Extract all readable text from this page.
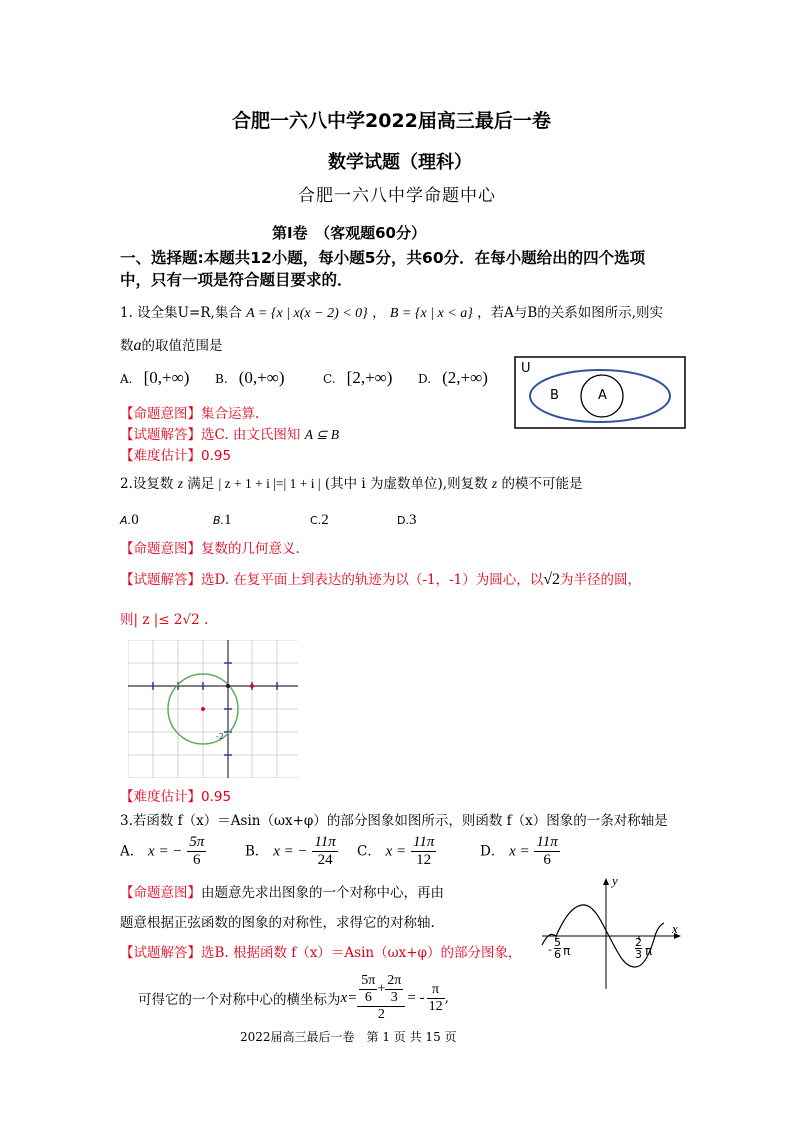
合肥一六八中学2022届高三最后一卷
数学试题（理科）
合肥一六八中学命题中心
第Ⅰ卷　（客观题60分）
一、选择题:本题共12小题，每小题5分，共60分．在每小题给出的四个选项
中，只有一项是符合题目要求的．
1. 设全集U=R,集合 A = {x | x(x − 2) < 0} ， B = {x | x < a} ，若A与B的关系如图所示,则实
数a的取值范围是
A. [0,+∞) B. (0,+∞)	C. [2,+∞) D. (2,+∞)	U
B	A
【命题意图】集合运算.
【试题解答】选C. 由文氏图知 A ⊆ B
【难度估计】0.95
2.设复数 z 满足 | z + 1 + i |=| 1 + i | (其中 i 为虚数单位),则复数 z 的模不可能是
A.0	B.1	C.2	D.3
【命题意图】复数的几何意义.
【试题解答】选D. 在复平面上到表达的轨迹为以（-1，-1）为圆心，以√2为半径的圆，
则| z |≤ 2√2 .
-2
【难度估计】0.95
3.若函数 f（x）＝Asin（ωx+φ）的部分图象如图所示，则函数 f（x）图象的一条对称轴是
A． x = − $\frac{5\pi}{6}$	B． x = − $\frac{11\pi}{24}$ C． $x = \frac{11\pi}{12}$	D． $x = \frac{11\pi}{6}$
【命题意图】由题意先求出图象的一个对称中心，再由
题意根据正弦函数的图象的对称性，求得它的对称轴.
【试题解答】选B. 根据函数 f（x）＝Asin（ωx+φ）的部分图象，
可得它的一个对称中心的横坐标为 $x= \frac{\frac{5\pi}{6} + \frac{2\pi}{3}}{2}$ = - $\frac{\pi}{12}$ ,
y
x
- $\frac{5}{6}$ π	$\frac{2}{3}$ π
2022届高三最后一卷　第 1 页 共 15 页
